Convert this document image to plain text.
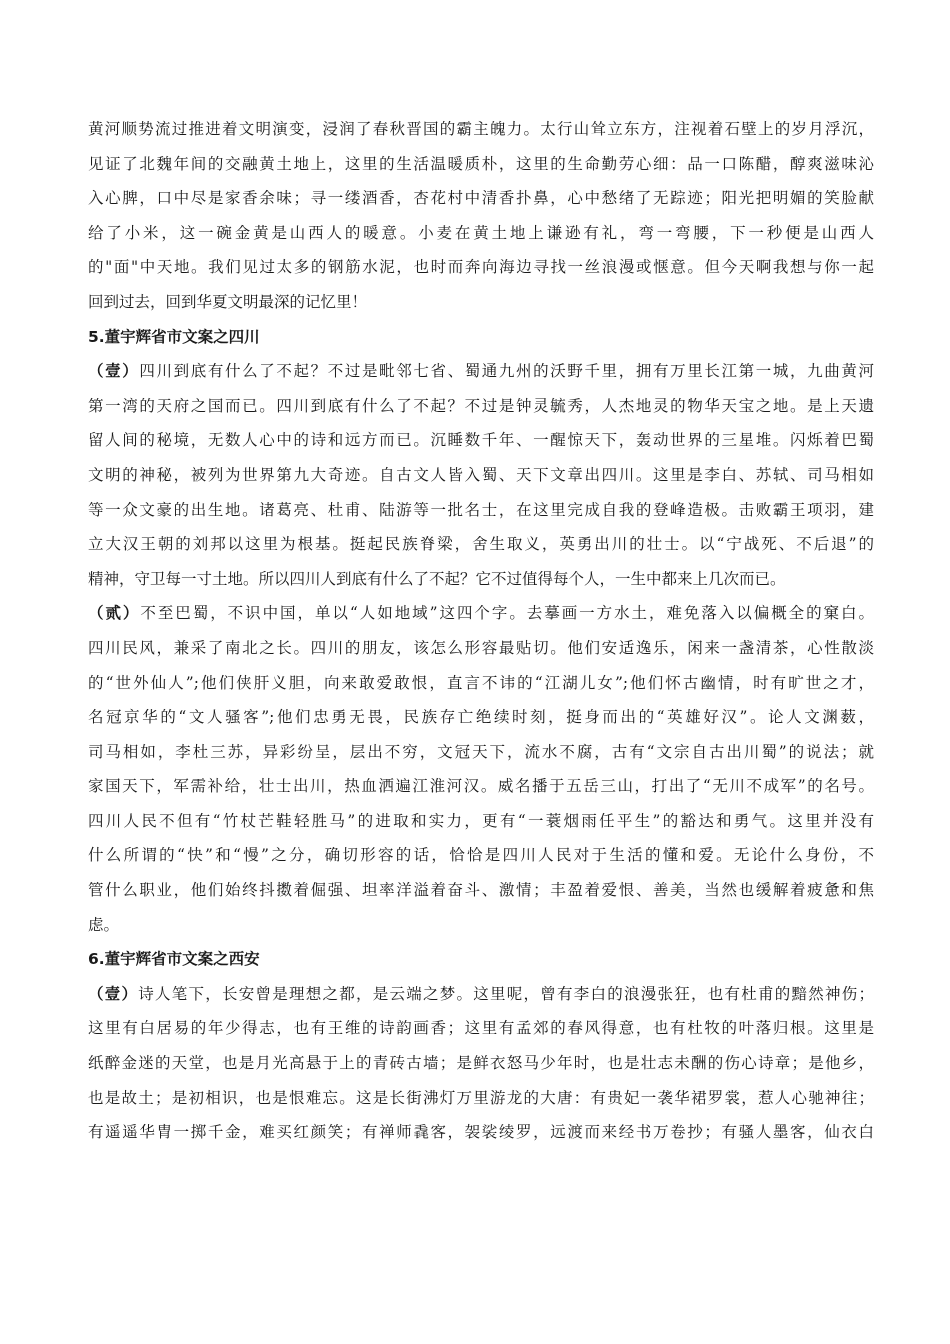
黄河顺势流过推进着文明演变，浸润了春秋晋国的霸主魄力。太行山耸立东方，注视着石壁上的岁月浮沉，
见证了北魏年间的交融黄土地上，这里的生活温暖质朴，这里的生命勤劳心细：品一口陈醋，醇爽滋味沁
入心脾，口中尽是家香余味；寻一缕酒香，杏花村中清香扑鼻，心中愁绪了无踪迹；阳光把明媚的笑脸献
给了小米，这一碗金黄是山西人的暖意。小麦在黄土地上谦逊有礼，弯一弯腰，下一秒便是山西人
的"面"中天地。我们见过太多的钢筋水泥，也时而奔向海边寻找一丝浪漫或惬意。但今天啊我想与你一起
回到过去，回到华夏文明最深的记忆里！
5.董宇辉省市文案之四川
（壹）四川到底有什么了不起？不过是毗邻七省、蜀通九州的沃野千里，拥有万里长江第一城，九曲黄河
第一湾的天府之国而已。四川到底有什么了不起？不过是钟灵毓秀，人杰地灵的物华天宝之地。是上天遗
留人间的秘境，无数人心中的诗和远方而已。沉睡数千年、一醒惊天下，轰动世界的三星堆。闪烁着巴蜀
文明的神秘，被列为世界第九大奇迹。自古文人皆入蜀、天下文章出四川。这里是李白、苏轼、司马相如
等一众文豪的出生地。诸葛亮、杜甫、陆游等一批名士，在这里完成自我的登峰造极。击败霸王项羽，建
立大汉王朝的刘邦以这里为根基。挺起民族脊梁，舍生取义，英勇出川的壮士。以“宁战死、不后退”的
精神，守卫每一寸土地。所以四川人到底有什么了不起？它不过值得每个人，一生中都来上几次而已。
（贰）不至巴蜀，不识中国，单以“人如地域”这四个字。去摹画一方水土，难免落入以偏概全的窠白。
四川民风，兼采了南北之长。四川的朋友，该怎么形容最贴切。他们安适逸乐，闲来一盏清茶，心性散淡
的“世外仙人”;他们侠肝义胆，向来敢爱敢恨，直言不讳的“江湖儿女”;他们怀古幽情，时有旷世之才，
名冠京华的“文人骚客”;他们忠勇无畏，民族存亡绝续时刻，挺身而出的“英雄好汉”。论人文渊薮，
司马相如，李杜三苏，异彩纷呈，层出不穷，文冠天下，流水不腐，古有“文宗自古出川蜀”的说法；就
家国天下，军需补给，壮士出川，热血洒遍江淮河汉。威名播于五岳三山，打出了“无川不成军”的名号。
四川人民不但有“竹杖芒鞋轻胜马”的进取和实力，更有“一蓑烟雨任平生”的豁达和勇气。这里并没有
什么所谓的“快”和“慢”之分，确切形容的话，恰恰是四川人民对于生活的懂和爱。无论什么身份，不
管什么职业，他们始终抖擞着倔强、坦率洋溢着奋斗、激情；丰盈着爱恨、善美，当然也缓解着疲惫和焦
虑。
6.董宇辉省市文案之西安
（壹）诗人笔下，长安曾是理想之都，是云端之梦。这里呢，曾有李白的浪漫张狂，也有杜甫的黯然神伤；
这里有白居易的年少得志，也有王维的诗韵画香；这里有孟郊的春风得意，也有杜牧的叶落归根。这里是
纸醉金迷的天堂，也是月光高悬于上的青砖古墙；是鲜衣怒马少年时，也是壮志未酬的伤心诗章；是他乡，
也是故土；是初相识，也是恨难忘。这是长街沸灯万里游龙的大唐：有贵妃一袭华裙罗裳，惹人心驰神往；
有遥遥华胄一掷千金，难买红颜笑；有禅师毳客，袈裟绫罗，远渡而来经书万卷抄；有骚人墨客，仙衣白
